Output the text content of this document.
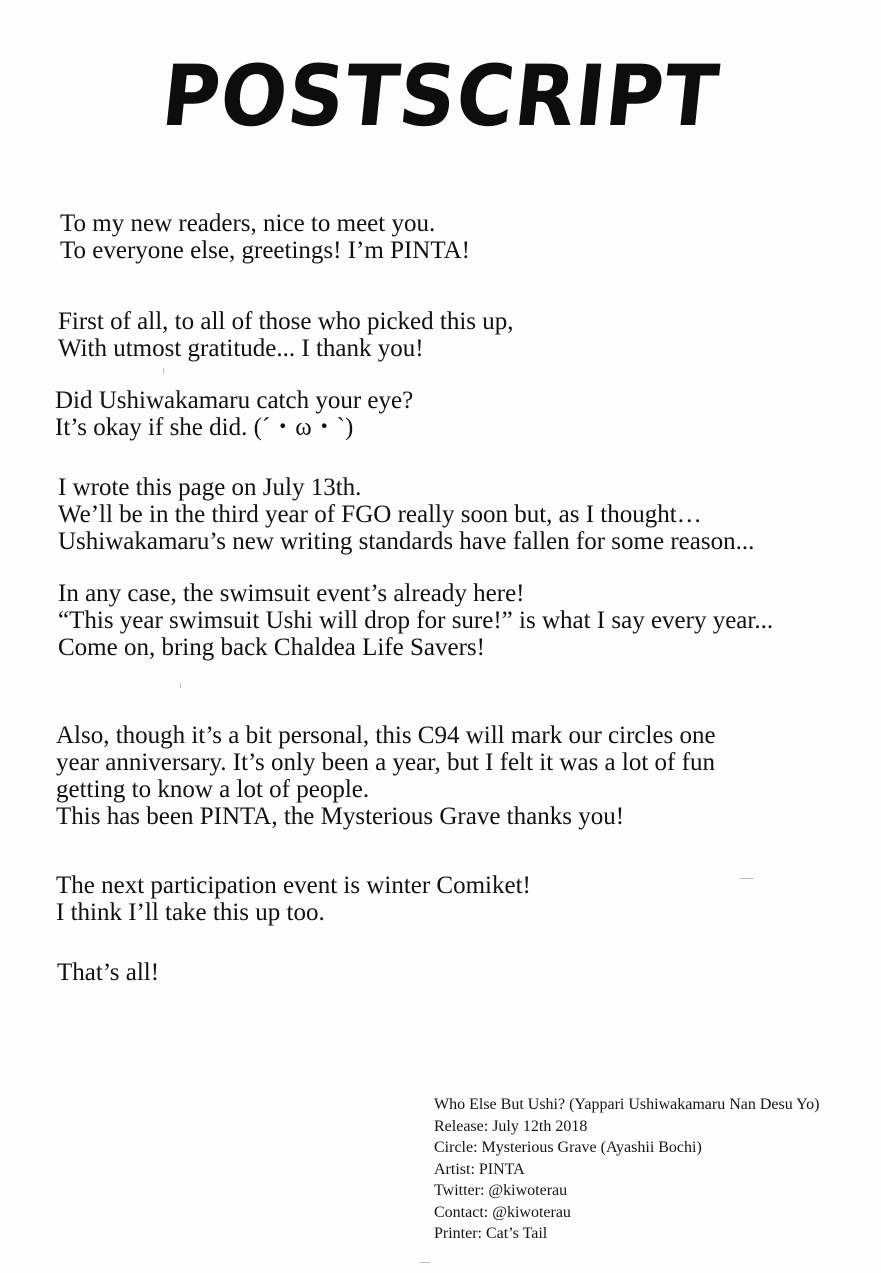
POSTSCRIPT

To my new readers, nice to meet you.
To everyone else, greetings! I’m PINTA!

First of all, to all of those who picked this up,
With utmost gratitude... I thank you!

Did Ushiwakamaru catch your eye?
It’s okay if she did. (´・ω・`)

I wrote this page on July 13th.
We’ll be in the third year of FGO really soon but, as I thought…
Ushiwakamaru’s new writing standards have fallen for some reason...

In any case, the swimsuit event’s already here!
“This year swimsuit Ushi will drop for sure!” is what I say every year...
Come on, bring back Chaldea Life Savers!

Also, though it’s a bit personal, this C94 will mark our circles one
year anniversary. It’s only been a year, but I felt it was a lot of fun
getting to know a lot of people.
This has been PINTA, the Mysterious Grave thanks you!

The next participation event is winter Comiket!
I think I’ll take this up too.

That’s all!

Who Else But Ushi? (Yappari Ushiwakamaru Nan Desu Yo)
Release: July 12th 2018
Circle: Mysterious Grave (Ayashii Bochi)
Artist: PINTA
Twitter: @kiwoterau
Contact: @kiwoterau
Printer: Cat’s Tail
